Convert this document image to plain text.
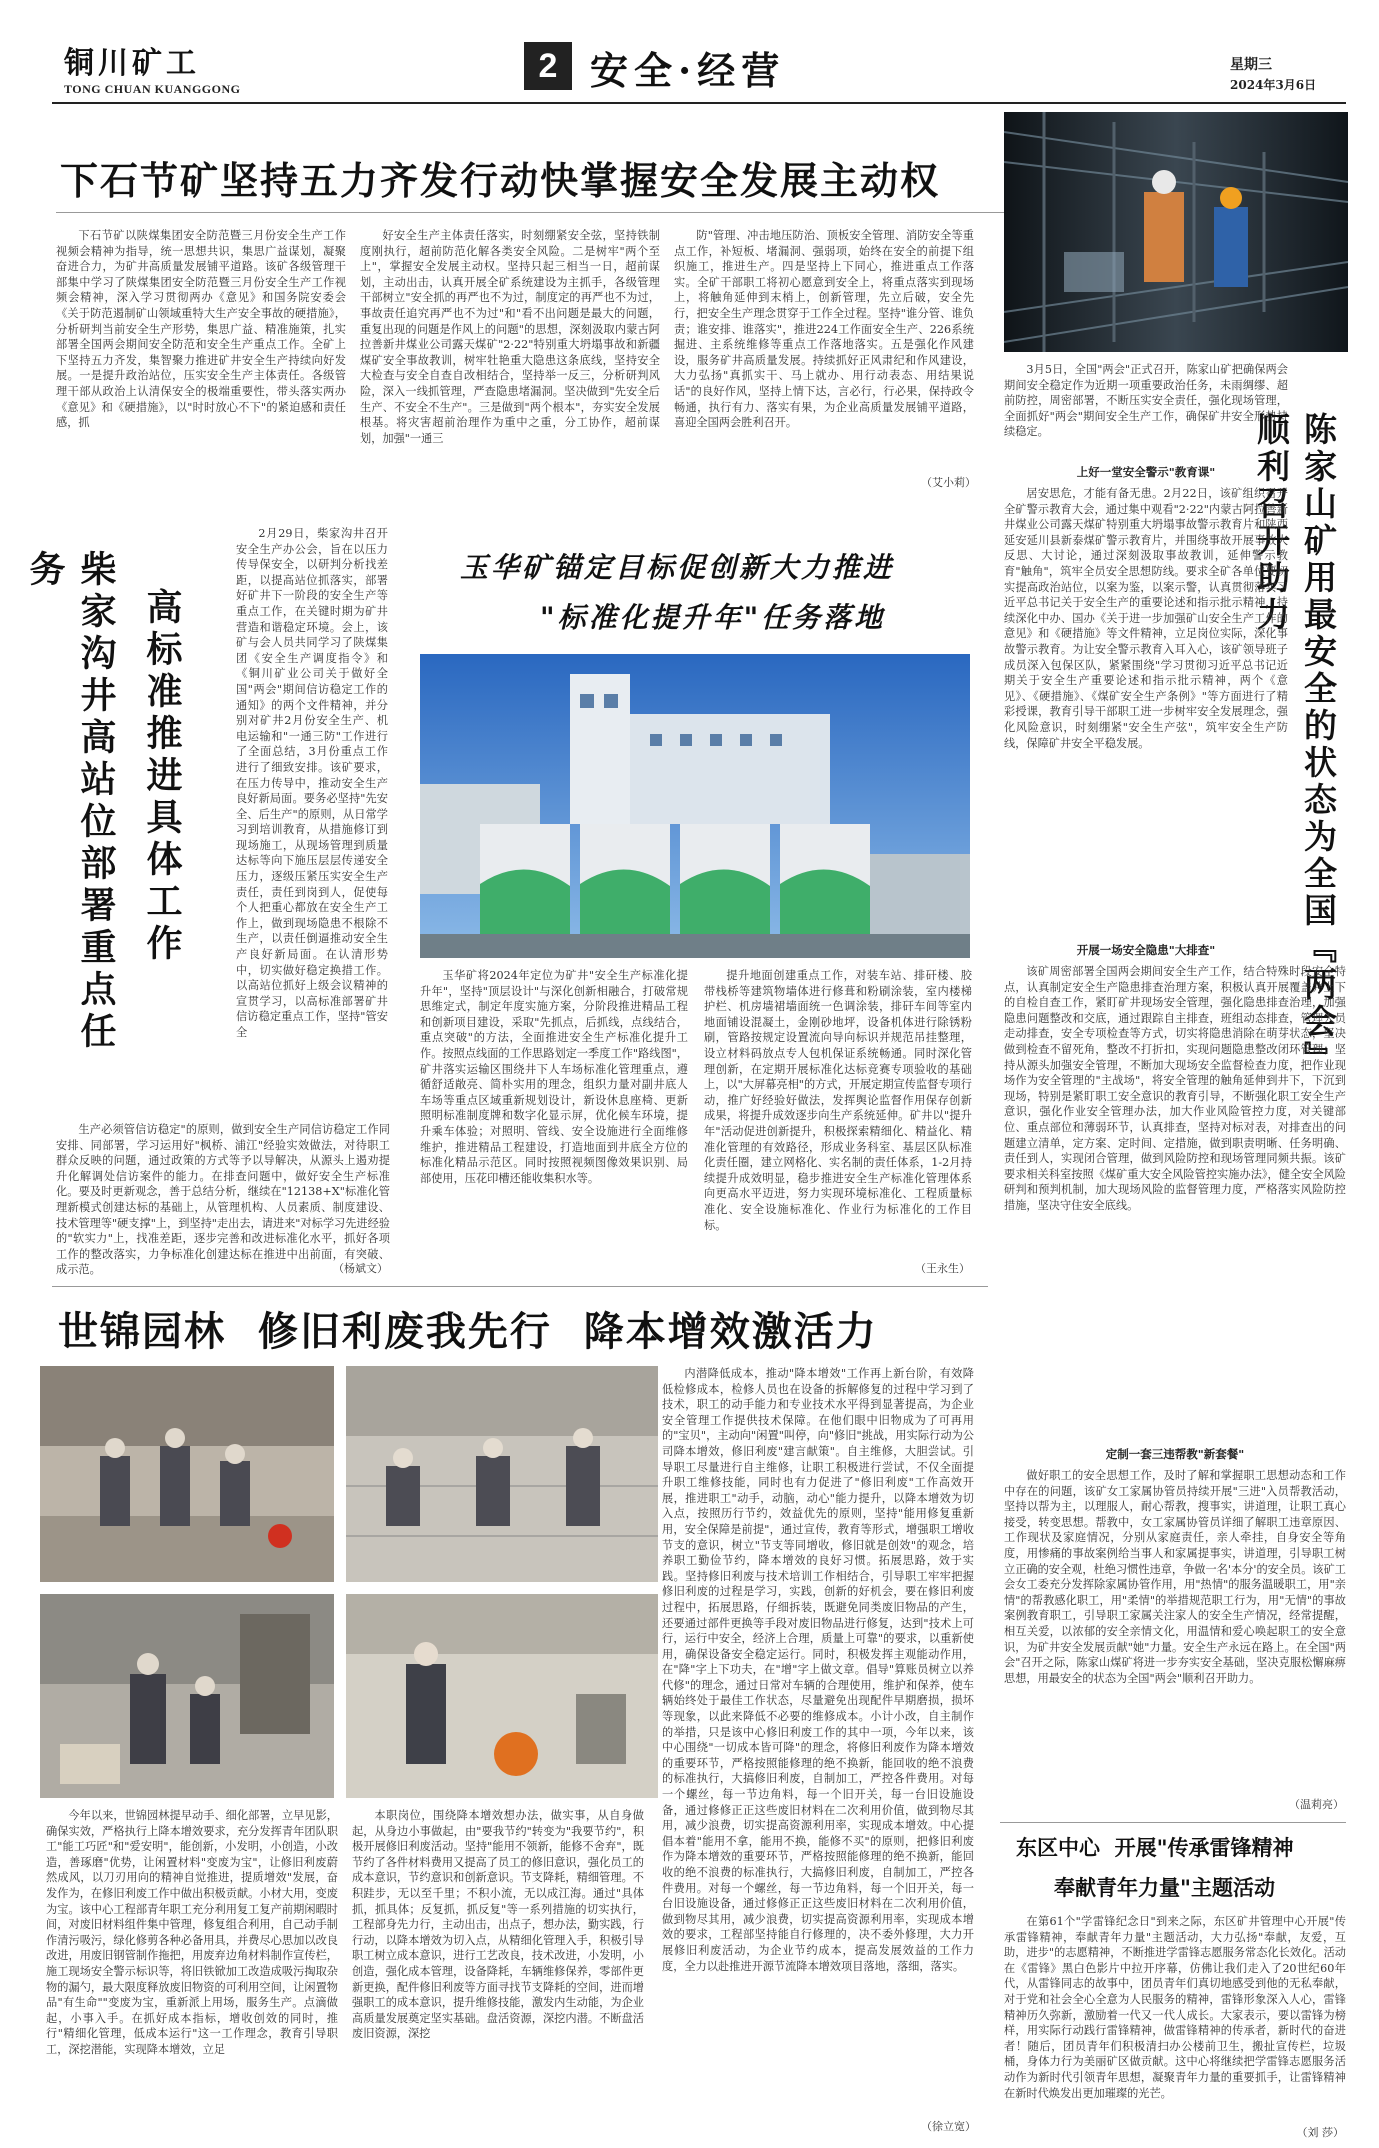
铜川矿工
TONG CHUAN KUANGGONG
2 安全·经营	星期三
2024年3月6日
下石节矿坚持五力齐发行动快掌握安全发展主动权
下石节矿以陕煤集团安全防范暨三月份安全生产工作视频会精神为指导，统一思想共识，集思广益谋划，凝聚奋进合力，为矿井高质量发展铺平道路。该矿各级管理干部集中学习了陕煤集团安全防范暨三月份安全生产工作视频会精神，深入学习贯彻两办《意见》和国务院安委会《关于防范遏制矿山领域重特大生产安全事故的硬措施》，分析研判当前安全生产形势，集思广益、精准施策，扎实部署全国两会期间安全防范和安全生产重点工作。全矿上下坚持五力齐发，集智聚力推进矿井安全生产持续向好发展。一是提升政治站位，压实安全生产主体责任。各级管理干部从政治上认清保安全的极端重要性，带头落实两办《意见》和《硬措施》，以"时时放心不下"的紧迫感和责任感，抓
好安全生产主体责任落实，时刻绷紧安全弦，坚持铁制度刚执行，超前防范化解各类安全风险。二是树牢"两个至上"，掌握安全发展主动权。坚持只起三相当一日，超前谋划，主动出击，认真开展全矿系统建设为主抓手，各级管理干部树立"安全抓的再严也不为过，制度定的再严也不为过，事故责任追究再严也不为过"和"看不出问题是最大的问题，重复出现的问题是作风上的问题"的思想，深刻汲取内蒙古阿拉善新井煤业公司露天煤矿"2·22"特别重大坍塌事故和新疆煤矿安全事故教训，树牢牡艳重大隐患这条底线，坚持安全大检查与安全自查自改相结合，坚持举一反三，分析研判风险，深入一线抓管理，严查隐患堵漏洞。坚决做到"先安全后生产、不安全不生产"。三是做到"两个根本"，夯实安全发展根基。将灾害超前治理作为重中之重，分工协作，超前谋划，加强"一通三
防"管理、冲击地压防治、顶板安全管理、消防安全等重点工作，补短板、堵漏洞、强弱项，始终在安全的前提下组织施工，推进生产。四是坚持上下同心，推进重点工作落实。全矿干部职工将初心愿意到安全上，将重点落实到现场上，将触角延伸到末梢上，创新管理，先立后破，安全先行，把安全生产理念贯穿于工作全过程。坚持"谁分管、谁负责；谁安排、谁落实"，推进224工作面安全生产、226系统掘进、主系统维修等重点工作落地落实。五是强化作风建设，服务矿井高质量发展。持续抓好正风肃纪和作风建设，大力弘扬"真抓实干、马上就办、用行动表态、用结果说话"的良好作风，坚持上情下达，言必行，行必果，保持政令畅通，执行有力、落实有果，为企业高质量发展铺平道路，喜迎全国两会胜利召开。
（艾小莉）
高标准推进具体工作
柴家沟井高站位部署重点任务
2月29日，柴家沟井召开安全生产办公会，旨在以压力传导保安全，以研判分析找差距，以提高站位抓落实，部署好矿井下一阶段的安全生产等重点工作，在关键时期为矿井营造和谐稳定环境。会上，该矿与会人员共同学习了陕煤集团《安全生产调度指令》和《铜川矿业公司关于做好全国"两会"期间信访稳定工作的通知》的两个文件精神，并分别对矿井2月份安全生产、机电运输和"一通三防"工作进行了全面总结，3月份重点工作进行了细致安排。该矿要求，在压力传导中，推动安全生产良好新局面。要务必坚持"先安全、后生产"的原则，从日常学习到培训教育，从措施修订到现场施工，从现场管理到质量达标等向下施压层层传递安全压力，逐级压紧压实安全生产责任，责任到岗到人，促使每个人把重心都放在安全生产工作上，做到现场隐患不根除不生产，以责任倒逼推动安全生产良好新局面。在认清形势中，切实做好稳定换措工作。以高站位抓好上级会议精神的宣贯学习，以高标准部署矿井信访稳定重点工作，坚持"管安全
生产必须管信访稳定"的原则，做到安全生产同信访稳定工作同安排、同部署，学习运用好"枫桥、浦江"经验实效做法，对待职工群众反映的问题，通过政策的方式等予以导解决，从源头上遏劝提升化解调处信访案件的能力。在排查问题中，做好安全生产标准化。要及时更新观念，善于总结分析，继续在"12138+X"标准化管理新模式创建达标的基础上，从管理机构、人员素质、制度建设、技术管理等"硬支撑"上，到坚持"走出去，请进来"对标学习先进经验的"软实力"上，找准差距，逐步完善和改进标准化水平，抓好各项工作的整改落实，力争标准化创建达标在推进中出前面，有突破、成示范。	（杨斌文）
玉华矿锚定目标促创新大力推进
"标准化提升年"任务落地
玉华矿将2024年定位为矿井"安全生产标准化提升年"，坚持"顶层设计"与深化创新相融合，打破常规思维定式，制定年度实施方案，分阶段推进精品工程和创新项目建设，采取"先抓点，后抓线，点线结合，重点突破"的方法，全面推进安全生产标准化提升工作。按照点线面的工作思路划定一季度工作"路线图"，矿井落实运输区围绕井下人车场标准化管理重点，遵循舒适敞亮、简朴实用的理念，组织力量对副井底人车场等重点区域重新规划设计，新设休息座椅、更新照明标准制度牌和数字化显示屏，优化候车环境，提升乘车体验；对照明、管线、安全设施进行全面维修维护，推进精品工程建设，打造地面到井底全方位的标准化精品示范区。同时按照视频图像效果识别、局部使用，压花印槽还能收集积水等。
提升地面创建重点工作，对装车站、排矸楼、胶带栈桥等建筑物墙体进行修葺和粉刷涂装，室内楼梯护栏、机房墙裙墙面统一色调涂装，排矸车间等室内地面铺设混凝土，金刚砂地坪，设备机体进行除锈粉刷，管路按规定设置流向导向标识并规范吊挂整理，设立材料码放点专人包机保证系统畅通。同时深化管理创新，在定期开展标准化达标竞赛专项验收的基础上，以"大屏幕亮相"的方式，开展定期宣传监督专项行动，推广好经验好做法，发挥舆论监督作用保存创新成果，将提升成效逐步向生产系统延伸。矿井以"提升年"活动促进创新提升，积极探索精细化、精益化、精准化管理的有效路径，形成业务科室、基层区队标准化责任圈，建立网格化、实名制的责任体系，1-2月持续提升成效明显，稳步推进安全生产标准化管理体系向更高水平迈进，努力实现环境标准化、工程质量标准化、安全设施标准化、作业行为标准化的工作目标。
（王永生）
3月5日，全国"两会"正式召开，陈家山矿把确保两会期间安全稳定作为近期一项重要政治任务，未雨绸缪、超前防控，周密部署，不断压实安全责任，强化现场管理，全面抓好"两会"期间安全生产工作，确保矿井安全形势持续稳定。	陈家山矿用最安全的状态为全国『两会』顺利召开助力
上好一堂安全警示"教育课"
居安思危，才能有备无患。2月22日，该矿组织召开全矿警示教育大会，通过集中观看"2·22"内蒙古阿拉善新井煤业公司露天煤矿特别重大坍塌事故警示教育片和陕西延安延川县新泰煤矿警示教育片，并围绕事故开展事故大反思、大讨论，通过深刻汲取事故教训，延伸警示教育"触角"，筑牢全员安全思想防线。要求全矿各单位要切实提高政治站位，以案为鉴，以案示警，认真贯彻落实习近平总书记关于安全生产的重要论述和指示批示精神，持续深化中办、国办《关于进一步加强矿山安全生产工作的意见》和《硬措施》等文件精神，立足岗位实际，深化事故警示教育。为让安全警示教育入耳入心，该矿领导班子成员深入包保区队，紧紧围绕"学习贯彻习近平总书记近期关于安全生产重要论述和指示批示精神，两个《意见》、《硬措施》、《煤矿安全生产条例》"等方面进行了精彩授课，教育引导干部职工进一步树牢安全发展理念，强化风险意识，时刻绷紧"安全生产弦"，筑牢安全生产防线，保障矿井安全平稳发展。
开展一场安全隐患"大排查"
该矿周密部署全国两会期间安全生产工作，结合特殊时段安全特点，认真制定安全生产隐患排查治理方案，积极认真开展覆盖井上下的自检自查工作，紧盯矿井现场安全管理，强化隐患排查治理，加强隐患问题整改和交底，通过跟踪自主排查，班组动态排查，管理人员走动排查，安全专项检查等方式，切实将隐患消除在萌芽状态，坚决做到检查不留死角，整改不打折扣，实现问题隐患整改闭环管理；坚持从源头加强安全管理，不断加大现场安全监督检查力度，把作业现场作为安全管理的"主战场"，将安全管理的触角延伸到井下，下沉到现场，特别是紧盯职工安全意识的教育引导，不断强化职工安全生产意识，强化作业安全管理办法，加大作业风险管控力度，对关键部位、重点部位和薄弱环节，认真排查，坚持对标对表，对排查出的问题建立清单，定方案、定时间、定措施，做到职责明晰、任务明确、责任到人，实现闭合管理，做到风险防控和现场管理同频共振。该矿要求相关科室按照《煤矿重大安全风险管控实施办法》，健全安全风险研判和预判机制，加大现场风险的监督管理力度，严格落实风险防控措施，坚决守住安全底线。
定制一套三违帮教"新套餐"
做好职工的安全思想工作，及时了解和掌握职工思想动态和工作中存在的问题，该矿女工家属协管员持续开展"三进"入员帮教活动，坚持以帮为主，以理服人，耐心帮教，搜事实，讲道理，让职工真心接受，转变思想。帮教中，女工家属协管员详细了解职工违章原因、工作现状及家庭情况，分别从家庭责任，亲人牵挂，自身安全等角度，用惨痛的事故案例给当事人和家属提事实，讲道理，引导职工树立正确的安全观，杜绝习惯性违章，争做一名'本分'的安全员。该矿工会女工委充分发挥除家属协管作用，用"热情"的服务温暖职工，用"亲情"的帮教感化职工，用"柔情"的举措规范职工行为，用"无情"的事故案例教育职工，引导职工家属关注家人的安全生产情况，经常提醒，相互关爱，以浓郁的安全亲情文化，用温情和爱心唤起职工的安全意识，为矿井安全发展贡献"她"力量。安全生产永远在路上。在全国"两会"召开之际，陈家山煤矿将进一步夯实安全基础，坚决克服松懈麻痹思想，用最安全的状态为全国"两会"顺利召开助力。
（温莉亮）
世锦园林  修旧利废我先行  降本增效激活力
今年以来，世锦园林提早动手、细化部署，立早见影，确保实效，严格执行上降本增效要求，充分发挥青年团队职工"能工巧匠"和"爱安明"，能创新，小发明，小创造，小改造，善琢磨"优势，让闲置材料"变废为宝"，让修旧利废蔚然成风，以刀刃用向的精神自觉推进，提质增效"发展，奋发作为，在修旧利废工作中做出积极贡献。小材大用，变废为宝。该中心工程部青年职工充分利用复工复产前期闲暇时间，对废旧材料组件集中管理，修复组合利用，自己动手制作清污吸污，绿化修剪各种必备用具，并费尽心思加以改良改进，用废旧钢管制作拖把，用废弃边角材料制作宣传栏，施工现场安全警示标识等，将旧铁锨加工改造成吸污掏取杂物的漏勺，最大限度释放废旧物资的可利用空间，让闲置物品"有生命""变废为宝，重新派上用场，服务生产。点滴做起，小事入手。在抓好成本指标，增收创效的同时，推行"精细化管理，低成本运行"这一工作理念，教育引导职工，深挖潜能，实现降本增效，立足
本职岗位，围绕降本增效想办法，做实事，从自身做起，从身边小事做起，由"要我节约"转变为"我要节约"，积极开展修旧利废活动。坚持"能用不领新，能修不舍弃"，既节约了各件材料费用又提高了员工的修旧意识，强化员工的成本意识，节约意识和创新意识。节支降耗，精细管理。不积跬步，无以至千里；不积小流，无以成江海。通过"具体抓，抓具体；反复抓，抓反复"等一系列措施的切实执行，工程部身先力行，主动出击，出点子，想办法，勤实践，行行动，以降本增效为切入点，从精细化管理入手，积极引导职工树立成本意识，进行工艺改良，技术改进，小发明，小创造，强化成本管理，设备降耗，车辆维修保养，零部件更新更换，配件修旧利废等方面寻找节支降耗的空间，进而增强职工的成本意识，提升维修技能，激发内生动能，为企业高质量发展奠定坚实基础。盘活资源，深挖内潜。不断盘活废旧资源，深挖
内潜降低成本，推动"降本增效"工作再上新台阶，有效降低检修成本，检修人员也在设备的拆解修复的过程中学习到了技术，职工的动手能力和专业技术水平得到显著提高，为企业安全管理工作提供技术保障。在他们眼中旧物成为了可再用的"宝贝"，主动向"闲置"叫停，向"修旧"挑战，用实际行动为公司降本增效，修旧利废"建言献策"。自主维修，大胆尝试。引导职工尽量进行自主维修，让职工积极进行尝试，不仅全面提升职工维修技能，同时也有力促进了"修旧利废"工作高效开展，推进职工"动手，动脑，动心"能力提升，以降本增效为切入点，按照历行节约，效益优先的原则，坚持"能用修复重新用，安全保障是前提"，通过宣传，教育等形式，增强职工增收节支的意识，树立"节支等同增收，修旧就是创效"的观念，培养职工勤俭节约，降本增效的良好习惯。拓展思路，效于实践。坚持修旧利废与技术培训工作相结合，引导职工牢牢把握修旧利废的过程是学习，实践，创新的好机会，要在修旧利废过程中，拓展思路，仔细拆装，既避免同类废旧物品的产生，还要通过部件更换等手段对废旧物品进行修复，达到"技术上可行，运行中安全，经济上合理，质量上可靠"的要求，以重新使用，确保设备安全稳定运行。同时，积极发挥主观能动作用，在"降"字上下功夫，在"增"字上做文章。倡导"算账员树立以养代修"的理念，通过日常对车辆的合理使用，维护和保养，使车辆始终处于最佳工作状态，尽量避免出现配件早期磨损，损坏等现象，以此来降低不必要的维修成本。小计小改，自主制作的举措，只是该中心修旧利废工作的其中一项，今年以来，该中心围绕"一切成本皆可降"的理念，将修旧利废作为降本增效的重要环节，严格按照能修理的绝不换新，能回收的绝不浪费的标准执行，大搞修旧利废，自制加工，严控各件费用。对每一个螺丝，每一节边角料，每一个旧开关，每一台旧设施设备，通过修修正正这些废旧材料在二次利用价值，做到物尽其用，减少浪费，切实提高资源利用率，实现成本增效。中心提倡本着"能用不拿，能用不换，能修不买"的原则，把修旧利废作为降本增效的重要环节，严格按照能修理的绝不换新，能回收的绝不浪费的标准执行，大搞修旧利废，自制加工，严控各件费用。对每一个螺丝，每一节边角料，每一个旧开关，每一台旧设施设备，通过修修正正这些废旧材料在二次利用价值，做到物尽其用，减少浪费，切实提高资源利用率，实现成本增效的要求，工程部坚持能自行修理的，决不委外修理，大力开展修旧利废活动，为企业节约成本，提高发展效益的工作力度，全力以赴推进开源节流降本增效项目落地，落细，落实。
（徐立宽）
东区中心  开展"传承雷锋精神
奉献青年力量"主题活动
在第61个"学雷锋纪念日"到来之际，东区矿井管理中心开展"传承雷锋精神，奉献青年力量"主题活动，大力弘扬"奉献，友爱，互助，进步"的志愿精神，不断推进学雷锋志愿服务常态化长效化。活动在《雷锋》黑白色影片中拉开序幕，仿佛让我们走入了20世纪60年代，从雷锋同志的故事中，团员青年们真切地感受到他的无私奉献，对于党和社会全心全意为人民服务的精神，雷锋形象深入人心，雷锋精神历久弥新，激励着一代又一代人成长。大家表示，要以雷锋为榜样，用实际行动践行雷锋精神，做雷锋精神的传承者，新时代的奋进者！随后，团员青年们积极清扫办公楼前卫生，搬扯宣传栏，垃圾桶，身体力行为美丽矿区做贡献。这中心将继续把学雷锋志愿服务活动作为新时代引领青年思想，凝聚青年力量的重要抓手，让雷锋精神在新时代焕发出更加璀璨的光芒。
（刘 莎）
